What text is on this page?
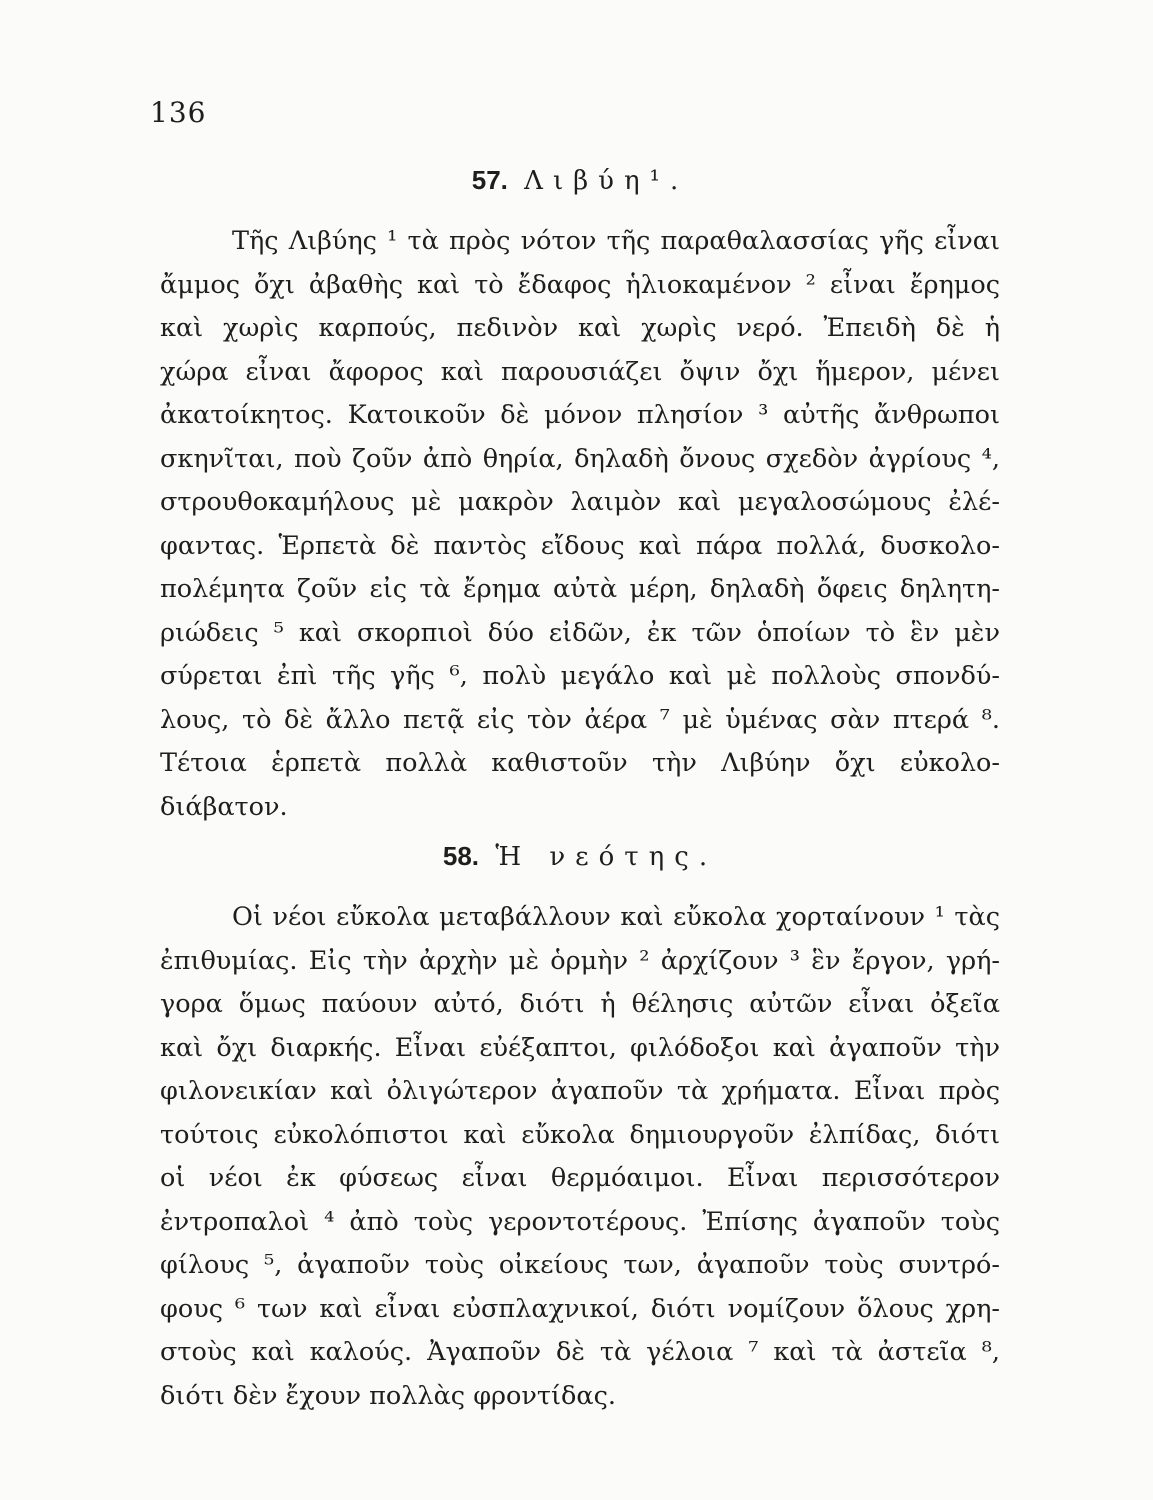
136
57. Λιβύη¹.
Τῆς Λιβύης ¹ τὰ πρὸς νότον τῆς παραθαλασσίας γῆς εἶναι
ἄμμος ὄχι ἀβαθὴς καὶ τὸ ἔδαφος ἡλιοκαμένον ² εἶναι ἔρημος
καὶ χωρὶς καρπούς, πεδινὸν καὶ χωρὶς νερό. Ἐπειδὴ δὲ ἡ
χώρα εἶναι ἄφορος καὶ παρουσιάζει ὄψιν ὄχι ἥμερον, μένει
ἀκατοίκητος. Κατοικοῦν δὲ μόνον πλησίον ³ αὐτῆς ἄνθρωποι
σκηνῖται, ποὺ ζοῦν ἀπὸ θηρία, δηλαδὴ ὄνους σχεδὸν ἀγρίους ⁴,
στρουθοκαμήλους μὲ μακρὸν λαιμὸν καὶ μεγαλοσώμους ἐλέ-
φαντας. Ἑρπετὰ δὲ παντὸς εἴδους καὶ πάρα πολλά, δυσκολο-
πολέμητα ζοῦν εἰς τὰ ἔρημα αὐτὰ μέρη, δηλαδὴ ὄφεις δηλητη-
ριώδεις ⁵ καὶ σκορπιοὶ δύο εἰδῶν, ἐκ τῶν ὁποίων τὸ ἓν μὲν
σύρεται ἐπὶ τῆς γῆς ⁶, πολὺ μεγάλο καὶ μὲ πολλοὺς σπονδύ-
λους, τὸ δὲ ἄλλο πετᾷ εἰς τὸν ἀέρα ⁷ μὲ ὑμένας σὰν πτερά ⁸.
Τέτοια ἑρπετὰ πολλὰ καθιστοῦν τὴν Λιβύην ὄχι εὐκολο-
διάβατον.
58. Ἡ νεότης.
Οἱ νέοι εὔκολα μεταβάλλουν καὶ εὔκολα χορταίνουν ¹ τὰς
ἐπιθυμίας. Εἰς τὴν ἀρχὴν μὲ ὁρμὴν ² ἀρχίζουν ³ ἓν ἔργον, γρή-
γορα ὅμως παύουν αὐτό, διότι ἡ θέλησις αὐτῶν εἶναι ὀξεῖα
καὶ ὄχι διαρκής. Εἶναι εὐέξαπτοι, φιλόδοξοι καὶ ἀγαποῦν τὴν
φιλονεικίαν καὶ ὀλιγώτερον ἀγαποῦν τὰ χρήματα. Εἶναι πρὸς
τούτοις εὐκολόπιστοι καὶ εὔκολα δημιουργοῦν ἐλπίδας, διότι
οἱ νέοι ἐκ φύσεως εἶναι θερμόαιμοι. Εἶναι περισσότερον
ἐντροπαλοὶ ⁴ ἀπὸ τοὺς γεροντοτέρους. Ἐπίσης ἀγαποῦν τοὺς
φίλους ⁵, ἀγαποῦν τοὺς οἰκείους των, ἀγαποῦν τοὺς συντρό-
φους ⁶ των καὶ εἶναι εὐσπλαχνικοί, διότι νομίζουν ὅλους χρη-
στοὺς καὶ καλούς. Ἀγαποῦν δὲ τὰ γέλοια ⁷ καὶ τὰ ἀστεῖα ⁸,
διότι δὲν ἔχουν πολλὰς φροντίδας.
